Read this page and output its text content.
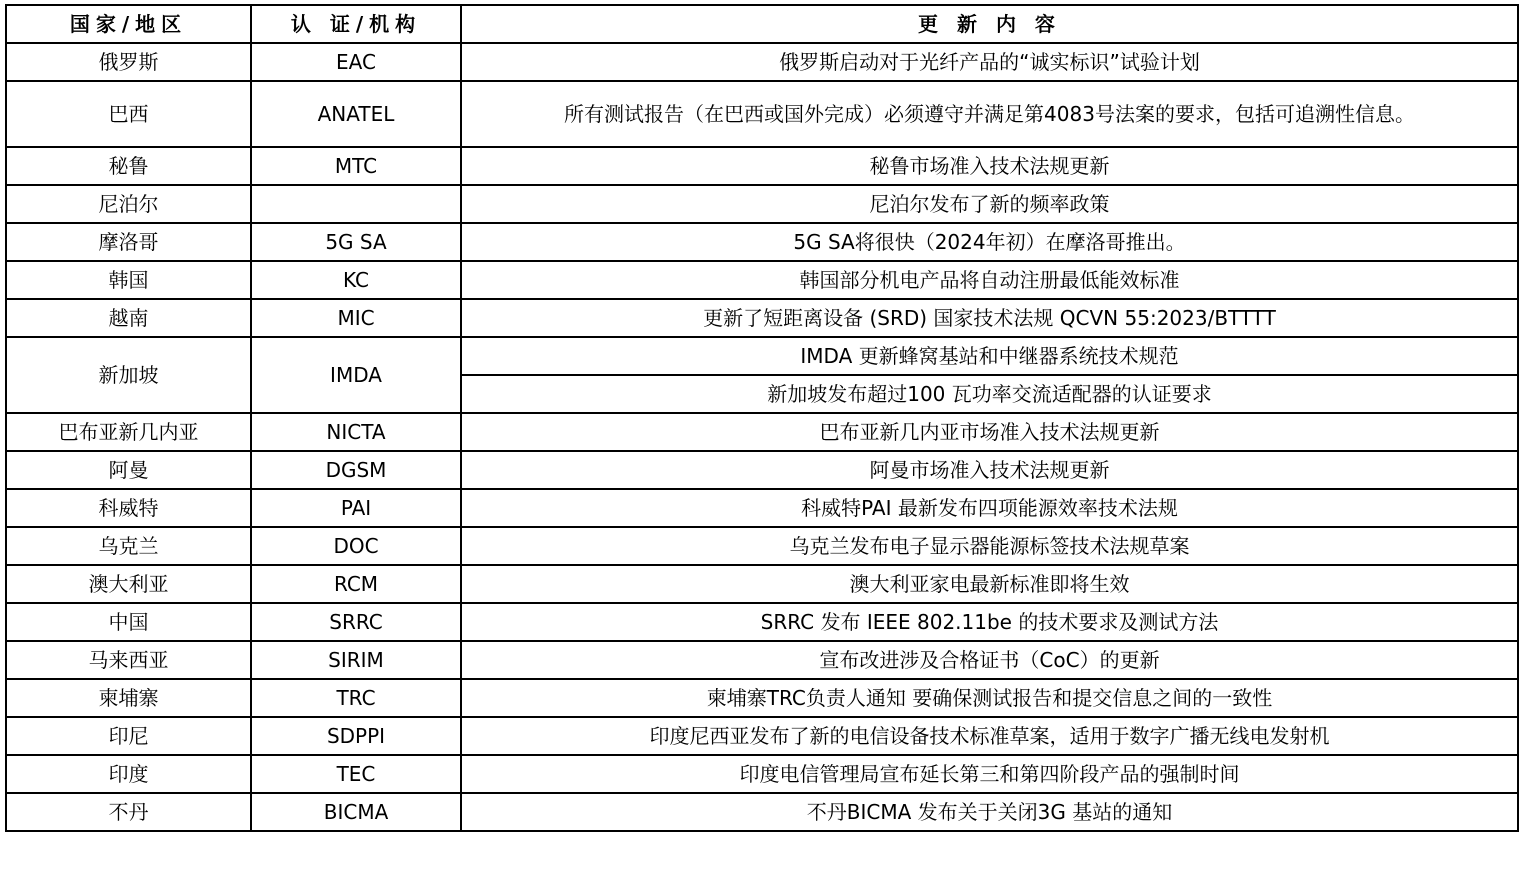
国家/地区	认 证/机构	更 新 内 容
俄罗斯	EAC	俄罗斯启动对于光纤产品的“诚实标识”试验计划
巴西	ANATEL	所有测试报告（在巴西或国外完成）必须遵守并满足第4083号法案的要求，包括可追溯性信息。
秘鲁	MTC	秘鲁市场准入技术法规更新
尼泊尔		尼泊尔发布了新的频率政策
摩洛哥	5G SA	5G SA将很快（2024年初）在摩洛哥推出。
韩国	KC	韩国部分机电产品将自动注册最低能效标准
越南	MIC	更新了短距离设备 (SRD) 国家技术法规 QCVN 55:2023/BTTTT
新加坡	IMDA	IMDA 更新蜂窝基站和中继器系统技术规范
		新加坡发布超过100 瓦功率交流适配器的认证要求
巴布亚新几内亚	NICTA	巴布亚新几内亚市场准入技术法规更新
阿曼	DGSM	阿曼市场准入技术法规更新
科威特	PAI	科威特PAI 最新发布四项能源效率技术法规
乌克兰	DOC	乌克兰发布电子显示器能源标签技术法规草案
澳大利亚	RCM	澳大利亚家电最新标准即将生效
中国	SRRC	SRRC 发布 IEEE 802.11be 的技术要求及测试方法
马来西亚	SIRIM	宣布改进涉及合格证书（CoC）的更新
柬埔寨	TRC	柬埔寨TRC负责人通知 要确保测试报告和提交信息之间的一致性
印尼	SDPPI	印度尼西亚发布了新的电信设备技术标准草案，适用于数字广播无线电发射机
印度	TEC	印度电信管理局宣布延长第三和第四阶段产品的强制时间
不丹	BICMA	不丹BICMA 发布关于关闭3G 基站的通知
